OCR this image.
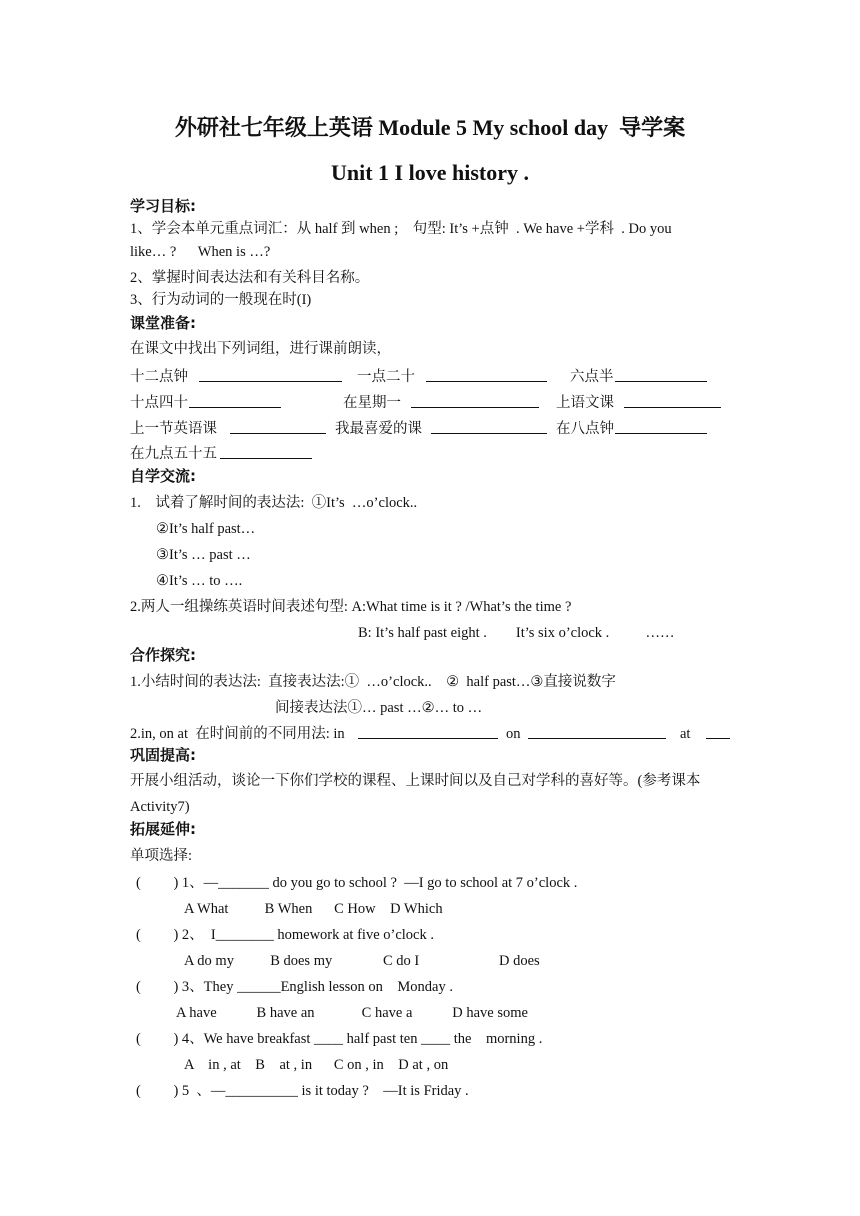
外研社七年级上英语 Module 5 My school day  导学案
Unit 1 I love history .
学习目标:
1、学会本单元重点词汇：从 half 到 when ;    句型: It’s +点钟  . We have +学科  . Do you
like… ?      When is …?
2、掌握时间表达法和有关科目名称。
3、行为动词的一般现在时(I)
课堂准备:
在课文中找出下列词组，进行课前朗读，
十二点钟	一点二十	六点半
十点四十	在星期一	上语文课
上一节英语课	我最喜爱的课	在八点钟
在九点五十五
自学交流:
1.    试着了解时间的表达法:  ①It’s  …o’clock..
②It’s half past…
③It’s … past …
④It’s … to ….
2.两人一组操练英语时间表述句型: A:What time is it ? /What’s the time ?
B: It’s half past eight .        It’s six o’clock .          ……
合作探究:
1.小结时间的表达法:  直接表达法:①  …o’clock..    ②  half past…③直接说数字
间接表达法①… past …②… to …
2.in, on at  在时间前的不同用法: in	on	at
巩固提高:
开展小组活动，谈论一下你们学校的课程、上课时间以及自己对学科的喜好等。(参考课本
Activity7)
拓展延伸:
单项选择:
(         ) 1、—_______ do you go to school ?  —I go to school at 7 o’clock .
A What          B When      C How    D Which
(         ) 2、  I________ homework at five o’clock .
A do my          B does my              C do I                      D does
(         ) 3、They ______English lesson on    Monday .
A have           B have an             C have a           D have some
(         ) 4、We have breakfast ____ half past ten ____ the    morning .
A    in , at    B    at , in      C on , in    D at , on
(         ) 5  、—__________ is it today ?    —It is Friday .
